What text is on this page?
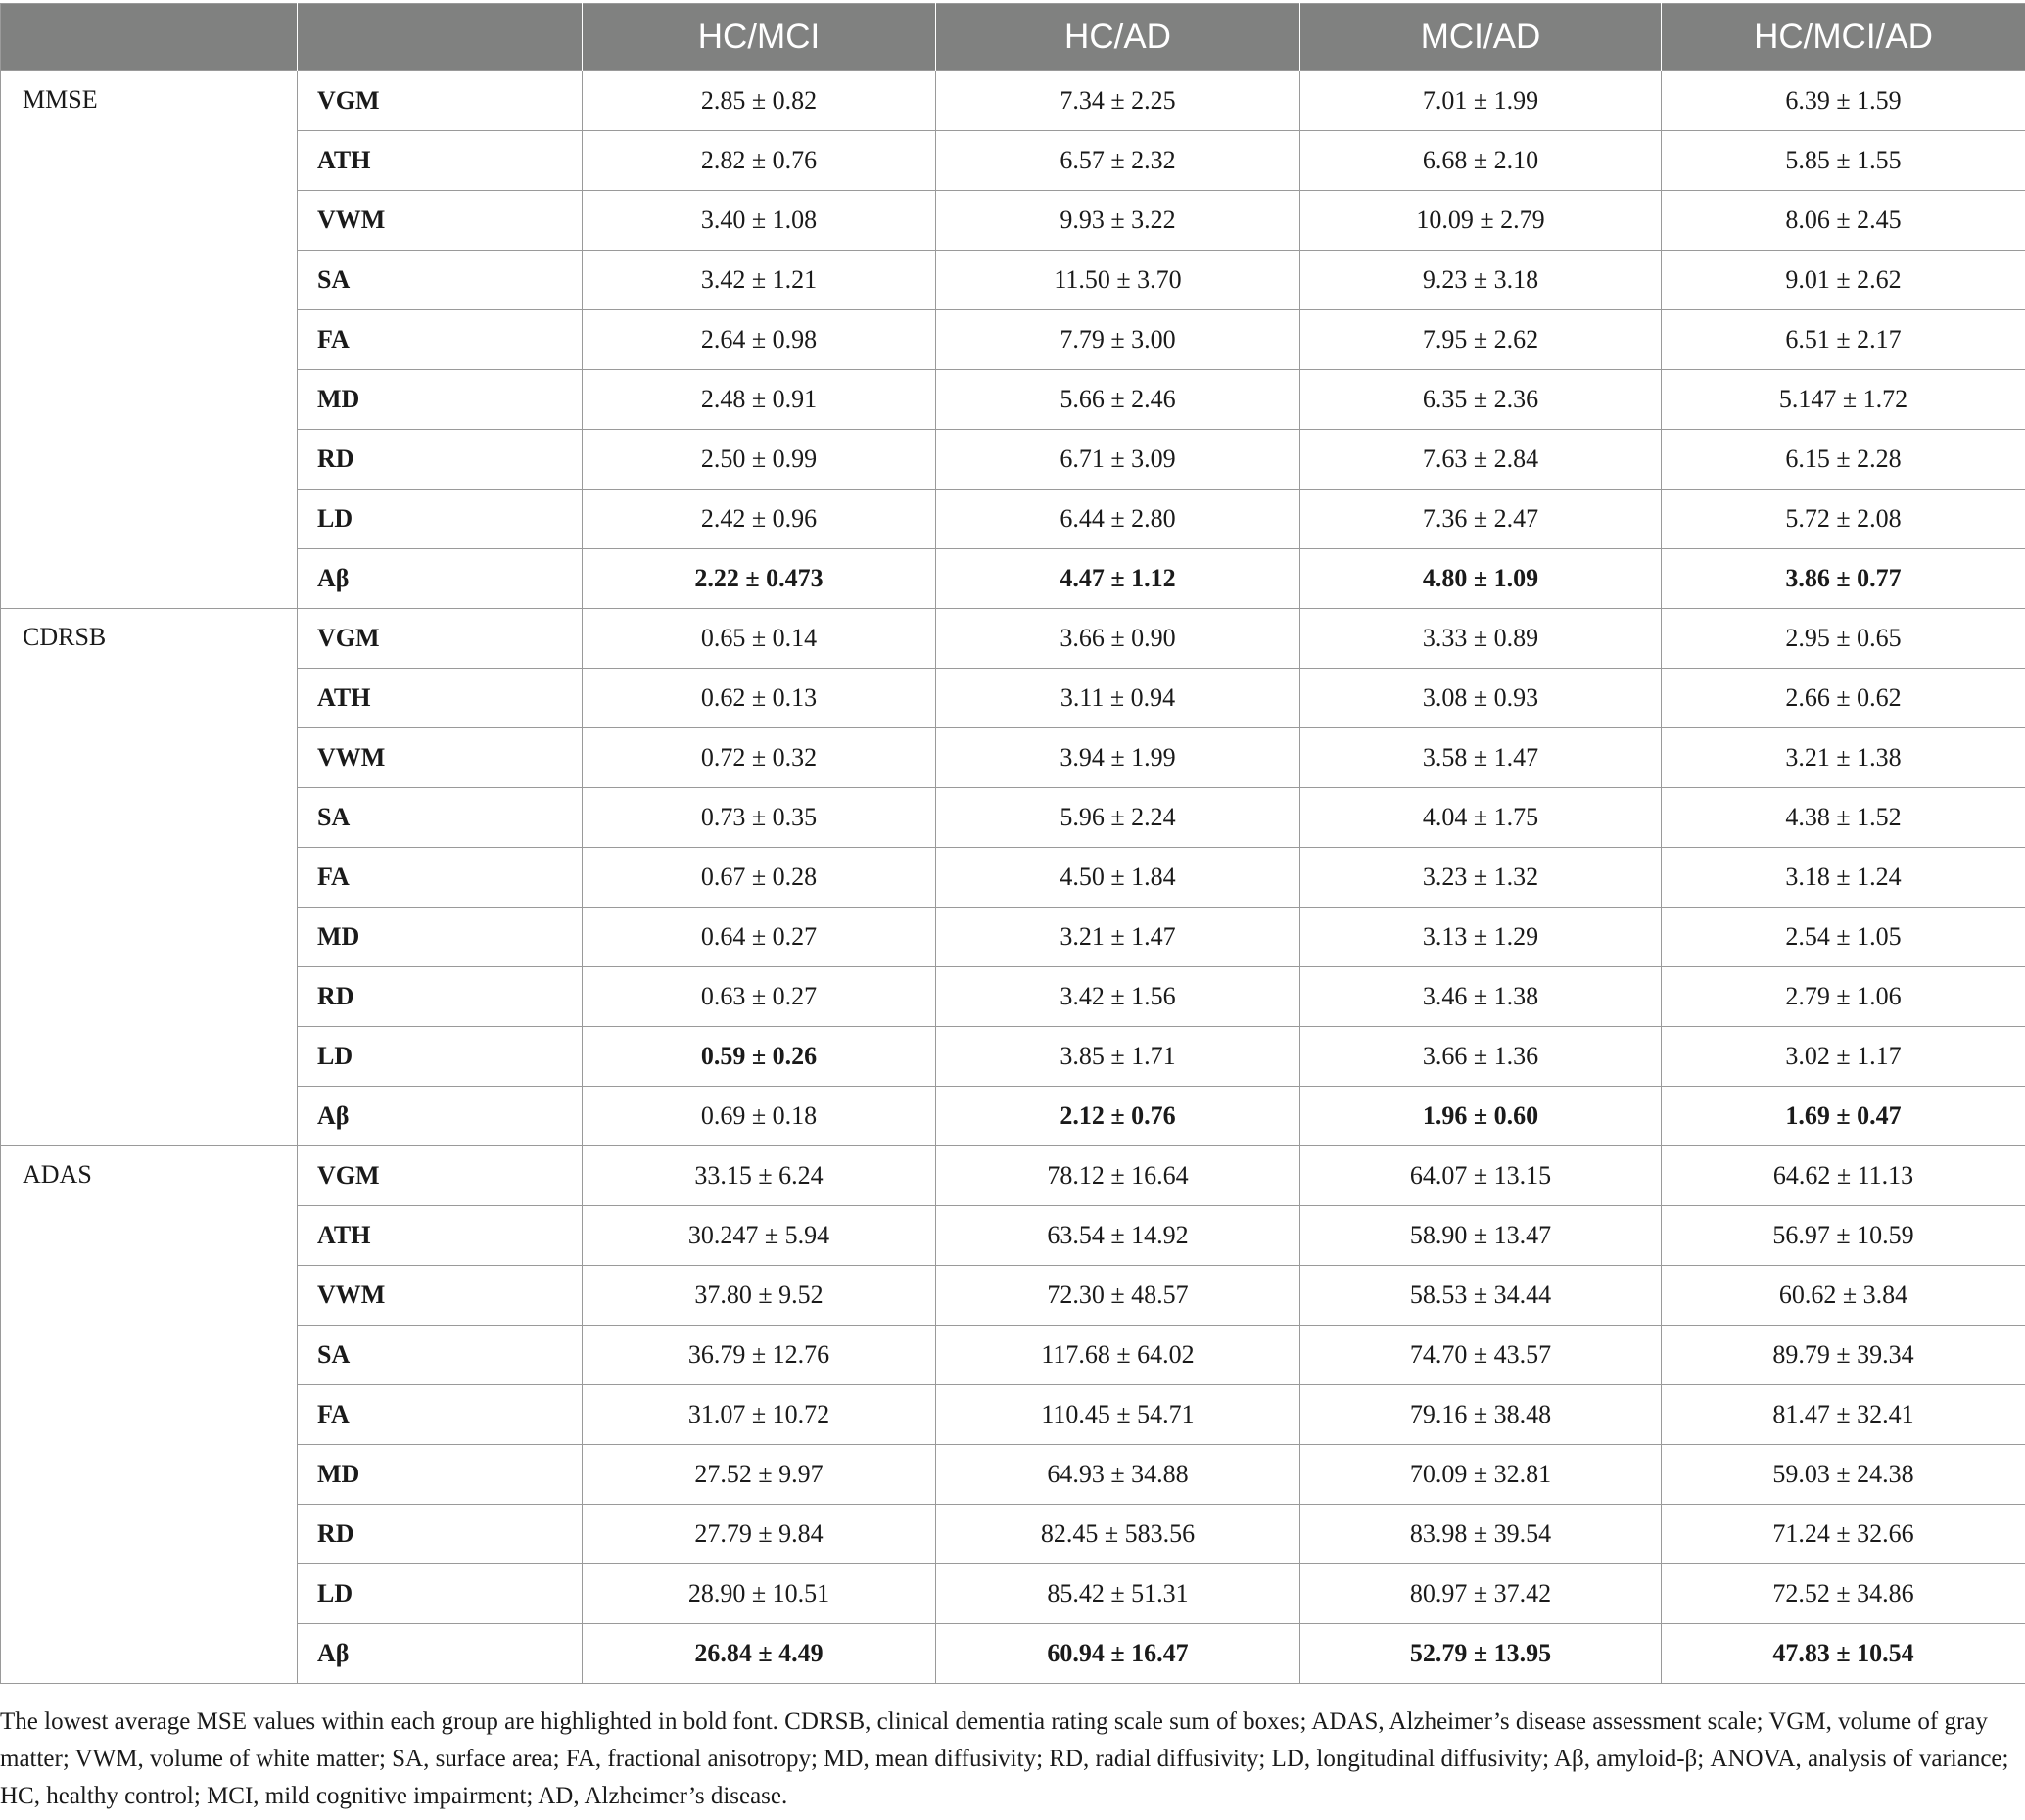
		HC/MCI	HC/AD	MCI/AD	HC/MCI/AD
MMSE	VGM	2.85 ± 0.82	7.34 ± 2.25	7.01 ± 1.99	6.39 ± 1.59
	ATH	2.82 ± 0.76	6.57 ± 2.32	6.68 ± 2.10	5.85 ± 1.55
	VWM	3.40 ± 1.08	9.93 ± 3.22	10.09 ± 2.79	8.06 ± 2.45
	SA	3.42 ± 1.21	11.50 ± 3.70	9.23 ± 3.18	9.01 ± 2.62
	FA	2.64 ± 0.98	7.79 ± 3.00	7.95 ± 2.62	6.51 ± 2.17
	MD	2.48 ± 0.91	5.66 ± 2.46	6.35 ± 2.36	5.147 ± 1.72
	RD	2.50 ± 0.99	6.71 ± 3.09	7.63 ± 2.84	6.15 ± 2.28
	LD	2.42 ± 0.96	6.44 ± 2.80	7.36 ± 2.47	5.72 ± 2.08
	Aβ	2.22 ± 0.473	4.47 ± 1.12	4.80 ± 1.09	3.86 ± 0.77
CDRSB	VGM	0.65 ± 0.14	3.66 ± 0.90	3.33 ± 0.89	2.95 ± 0.65
	ATH	0.62 ± 0.13	3.11 ± 0.94	3.08 ± 0.93	2.66 ± 0.62
	VWM	0.72 ± 0.32	3.94 ± 1.99	3.58 ± 1.47	3.21 ± 1.38
	SA	0.73 ± 0.35	5.96 ± 2.24	4.04 ± 1.75	4.38 ± 1.52
	FA	0.67 ± 0.28	4.50 ± 1.84	3.23 ± 1.32	3.18 ± 1.24
	MD	0.64 ± 0.27	3.21 ± 1.47	3.13 ± 1.29	2.54 ± 1.05
	RD	0.63 ± 0.27	3.42 ± 1.56	3.46 ± 1.38	2.79 ± 1.06
	LD	0.59 ± 0.26	3.85 ± 1.71	3.66 ± 1.36	3.02 ± 1.17
	Aβ	0.69 ± 0.18	2.12 ± 0.76	1.96 ± 0.60	1.69 ± 0.47
ADAS	VGM	33.15 ± 6.24	78.12 ± 16.64	64.07 ± 13.15	64.62 ± 11.13
	ATH	30.247 ± 5.94	63.54 ± 14.92	58.90 ± 13.47	56.97 ± 10.59
	VWM	37.80 ± 9.52	72.30 ± 48.57	58.53 ± 34.44	60.62 ± 3.84
	SA	36.79 ± 12.76	117.68 ± 64.02	74.70 ± 43.57	89.79 ± 39.34
	FA	31.07 ± 10.72	110.45 ± 54.71	79.16 ± 38.48	81.47 ± 32.41
	MD	27.52 ± 9.97	64.93 ± 34.88	70.09 ± 32.81	59.03 ± 24.38
	RD	27.79 ± 9.84	82.45 ± 583.56	83.98 ± 39.54	71.24 ± 32.66
	LD	28.90 ± 10.51	85.42 ± 51.31	80.97 ± 37.42	72.52 ± 34.86
	Aβ	26.84 ± 4.49	60.94 ± 16.47	52.79 ± 13.95	47.83 ± 10.54

The lowest average MSE values within each group are highlighted in bold font. CDRSB, clinical dementia rating scale sum of boxes; ADAS, Alzheimer’s disease assessment scale; VGM, volume of gray matter; VWM, volume of white matter; SA, surface area; FA, fractional anisotropy; MD, mean diffusivity; RD, radial diffusivity; LD, longitudinal diffusivity; Aβ, amyloid-β; ANOVA, analysis of variance; HC, healthy control; MCI, mild cognitive impairment; AD, Alzheimer’s disease.
